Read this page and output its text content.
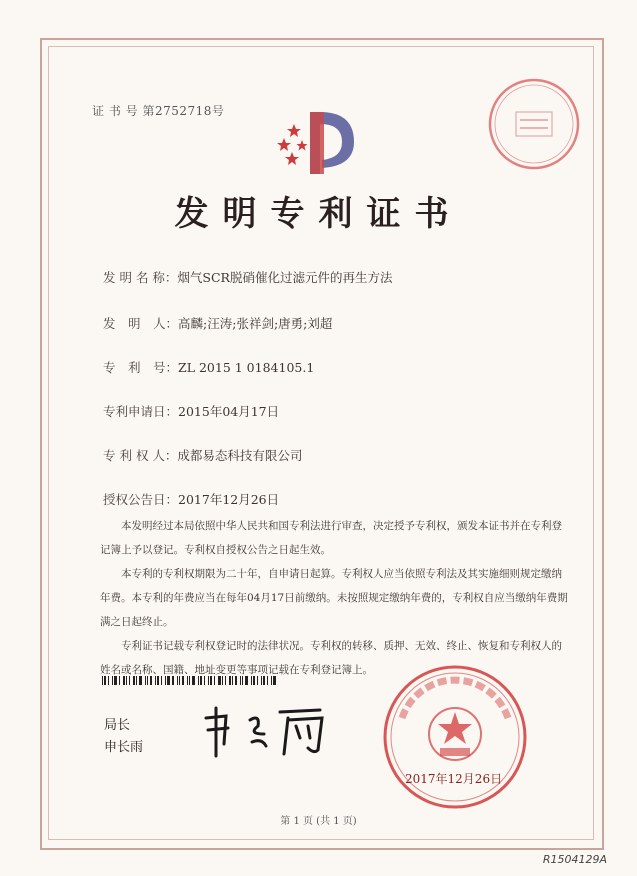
证 书 号 第2752718号
发明专利证书
发 明 名 称：烟气SCR脱硝催化过滤元件的再生方法
发　明　人：高麟;汪涛;张祥剑;唐勇;刘超
专　利　号：ZL 2015 1 0184105.1
专利申请日：2015年04月17日
专 利 权 人：成都易态科技有限公司
授权公告日：2017年12月26日

本发明经过本局依照中华人民共和国专利法进行审查，决定授予专利权，颁发本证书并在专利登记簿上予以登记。专利权自授权公告之日起生效。

本专利的专利权期限为二十年，自申请日起算。专利权人应当依照专利法及其实施细则规定缴纳年费。本专利的年费应当在每年04月17日前缴纳。未按照规定缴纳年费的，专利权自应当缴纳年费期满之日起终止。

专利证书记载专利权登记时的法律状况。专利权的转移、质押、无效、终止、恢复和专利权人的姓名或名称、国籍、地址变更等事项记载在专利登记簿上。

局长
申长雨
2017年12月26日
第 1 页 (共 1 页)
R1504129A
